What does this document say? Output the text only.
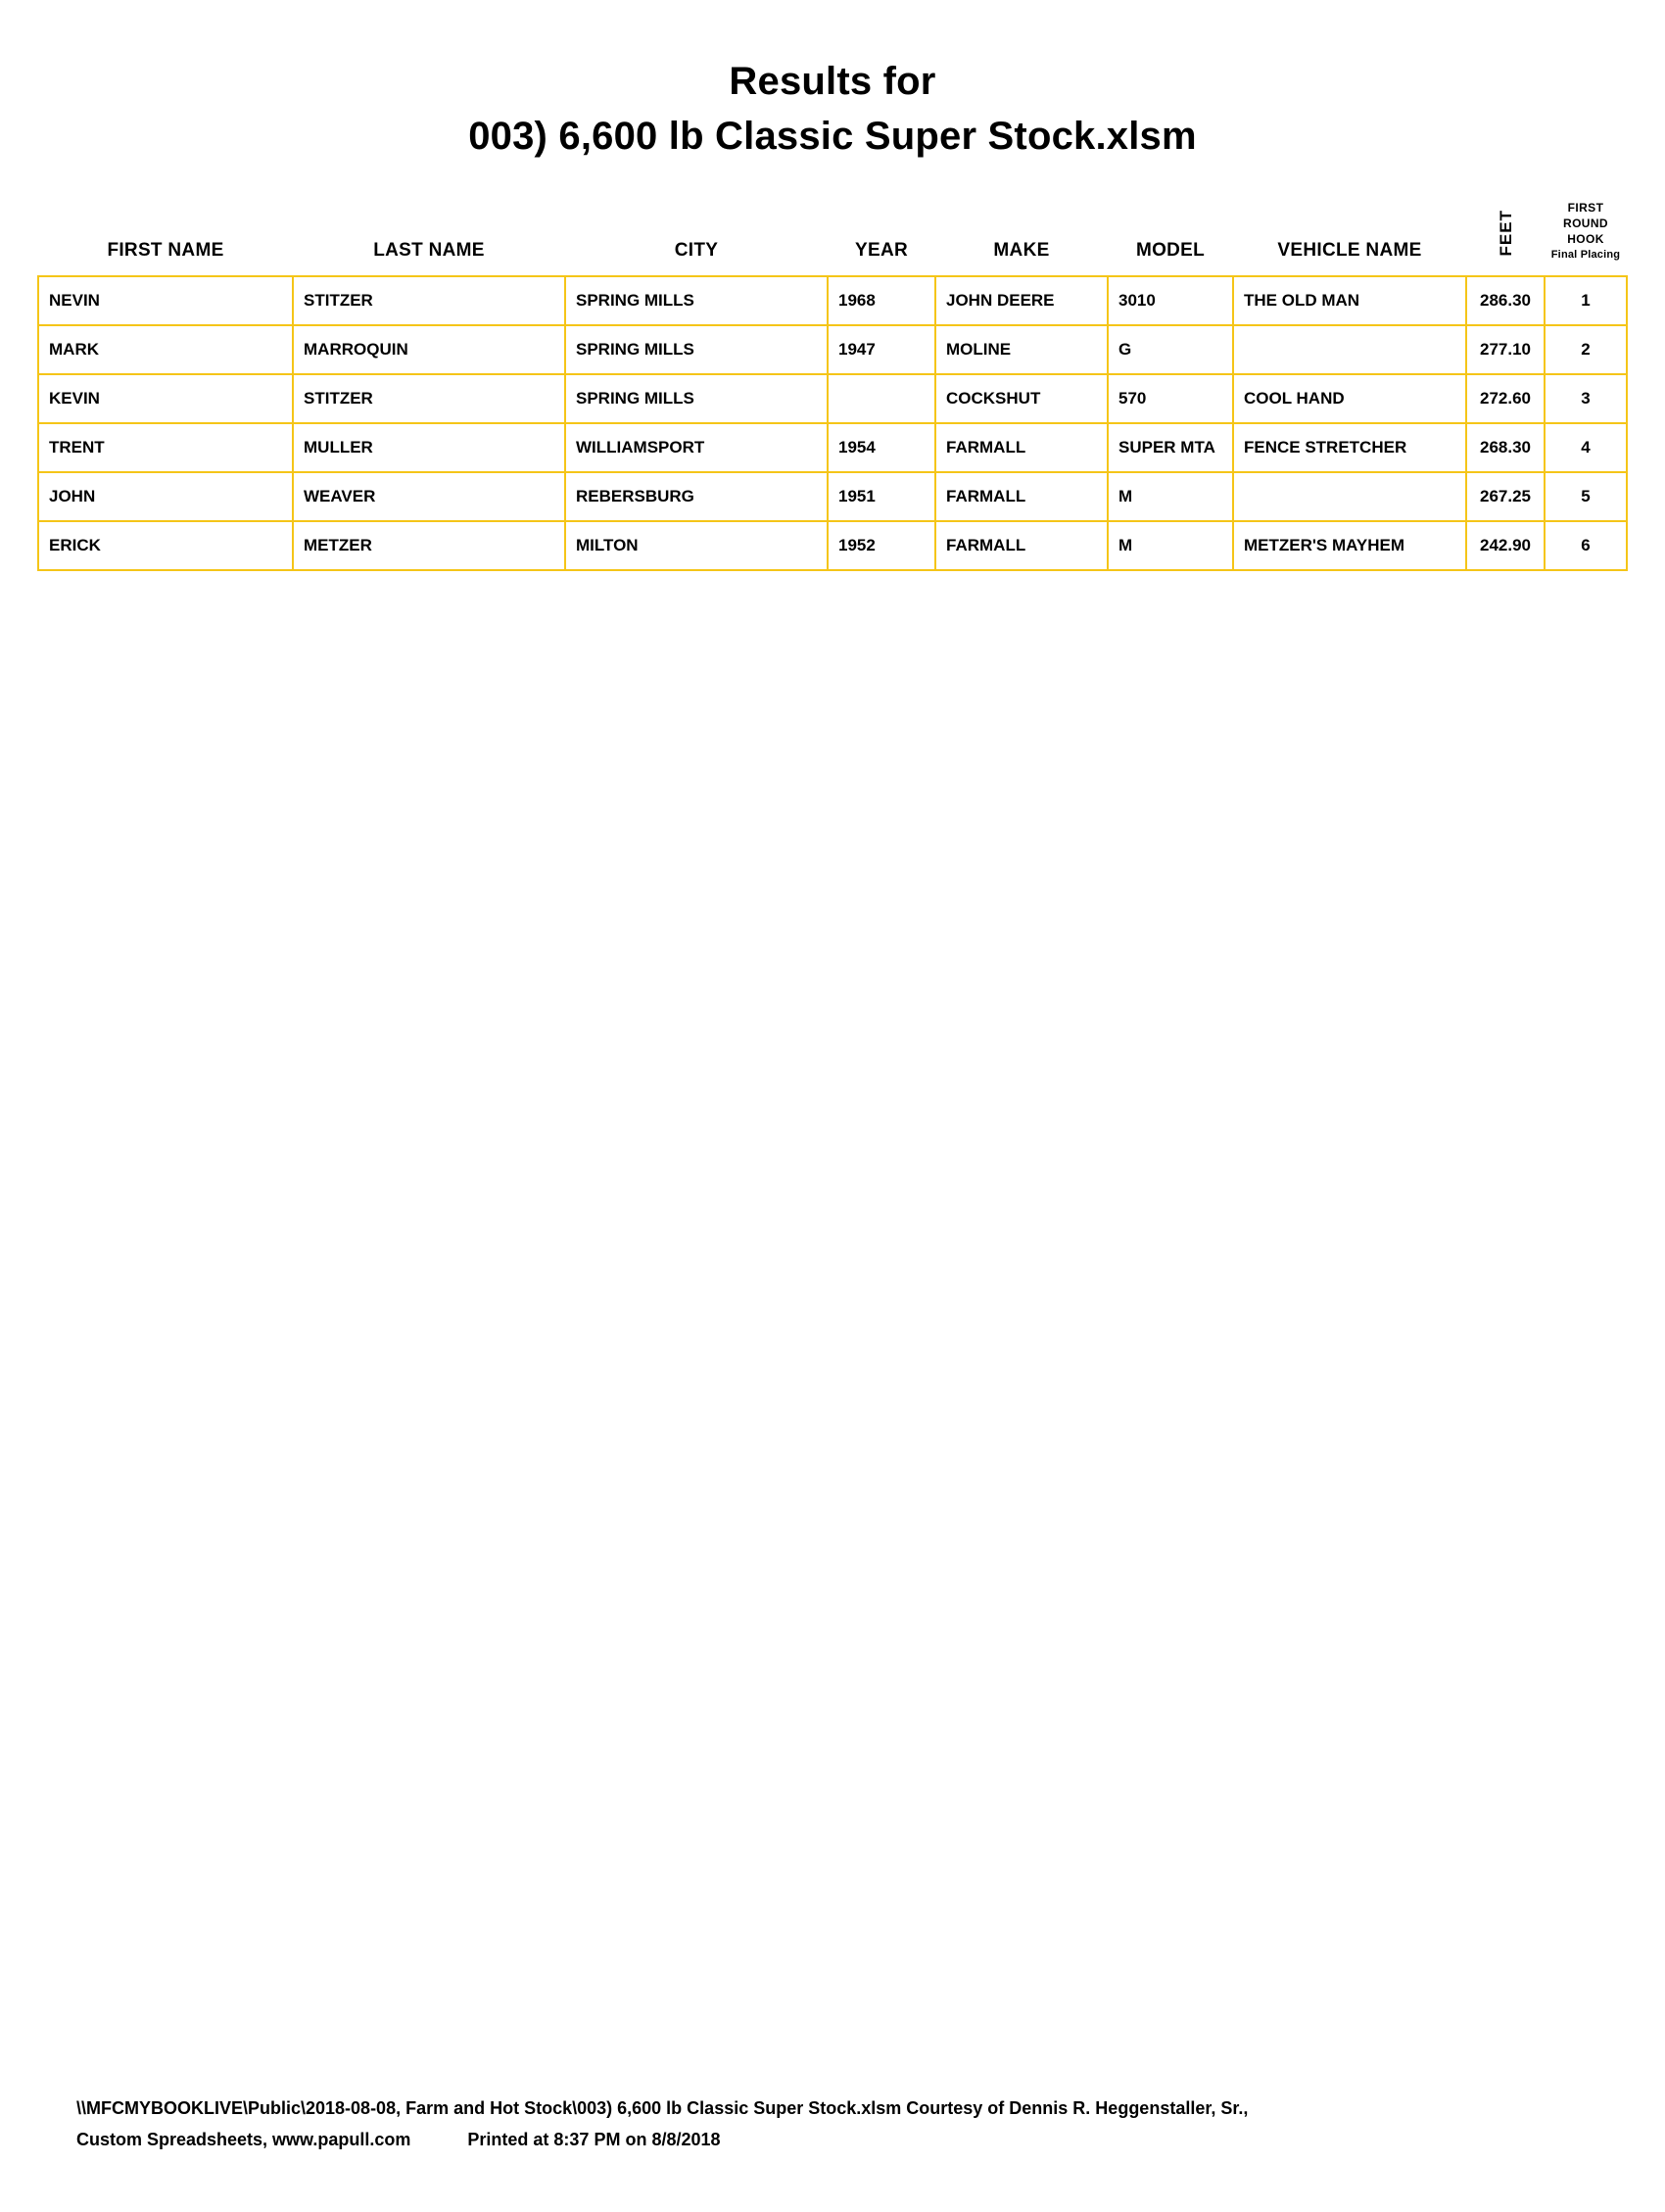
Results for
003) 6,600 lb Classic Super Stock.xlsm
FIRST NAME	LAST NAME	CITY	YEAR	MAKE	MODEL	VEHICLE NAME	FEET	FIRST ROUND
HOOK
Final Placing

NEVIN	STITZER	SPRING MILLS	1968	JOHN DEERE	3010	THE OLD MAN	286.30	1
MARK	MARROQUIN	SPRING MILLS	1947	MOLINE	G		277.10	2
KEVIN	STITZER	SPRING MILLS		COCKSHUT	570	COOL HAND	272.60	3
TRENT	MULLER	WILLIAMSPORT	1954	FARMALL	SUPER MTA	FENCE STRETCHER	268.30	4
JOHN	WEAVER	REBERSBURG	1951	FARMALL	M		267.25	5
ERICK	METZER	MILTON	1952	FARMALL	M	METZER'S MAYHEM	242.90	6
\\MFCMYBOOKLIVE\Public\2018-08-08, Farm and Hot Stock\003) 6,600 lb Classic Super Stock.xlsm Courtesy of Dennis R. Heggenstaller, Sr.,
Custom Spreadsheets, www.papull.com	Printed at 8:37 PM on 8/8/2018
